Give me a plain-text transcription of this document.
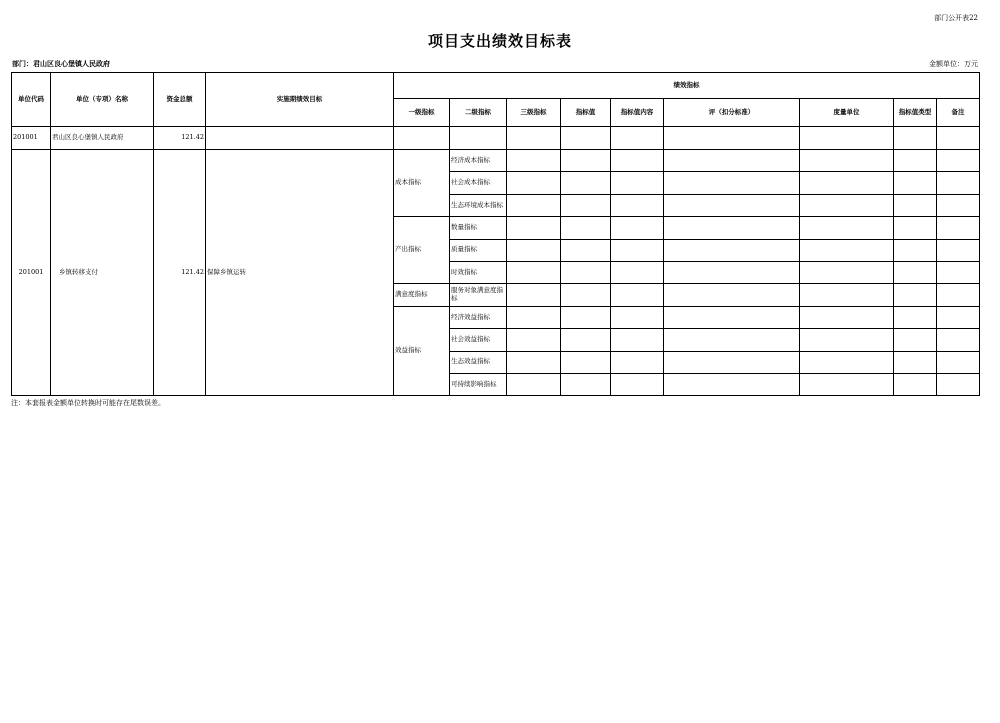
部门公开表22
项目支出绩效目标表
部门：君山区良心堡镇人民政府	金额单位：万元
单位代码	单位（专项）名称	资金总额	实施期绩效目标	绩效指标								
				一级指标	二级指标	三级指标	指标值	指标值内容	评（扣分标准）	度量单位	指标值类型	备注
201001	君山区良心堡镇人民政府	121.42										
201001	乡镇转移支付	121.42	保障乡镇运转	成本指标	经济成本指标							
					社会成本指标							
					生态环境成本指标							
				产出指标	数量指标							
					质量指标							
					时效指标							
				满意度指标	服务对象满意度指标							
				效益指标	经济效益指标							
					社会效益指标							
					生态效益指标							
					可持续影响指标							
注：本套报表金额单位转换时可能存在尾数误差。
